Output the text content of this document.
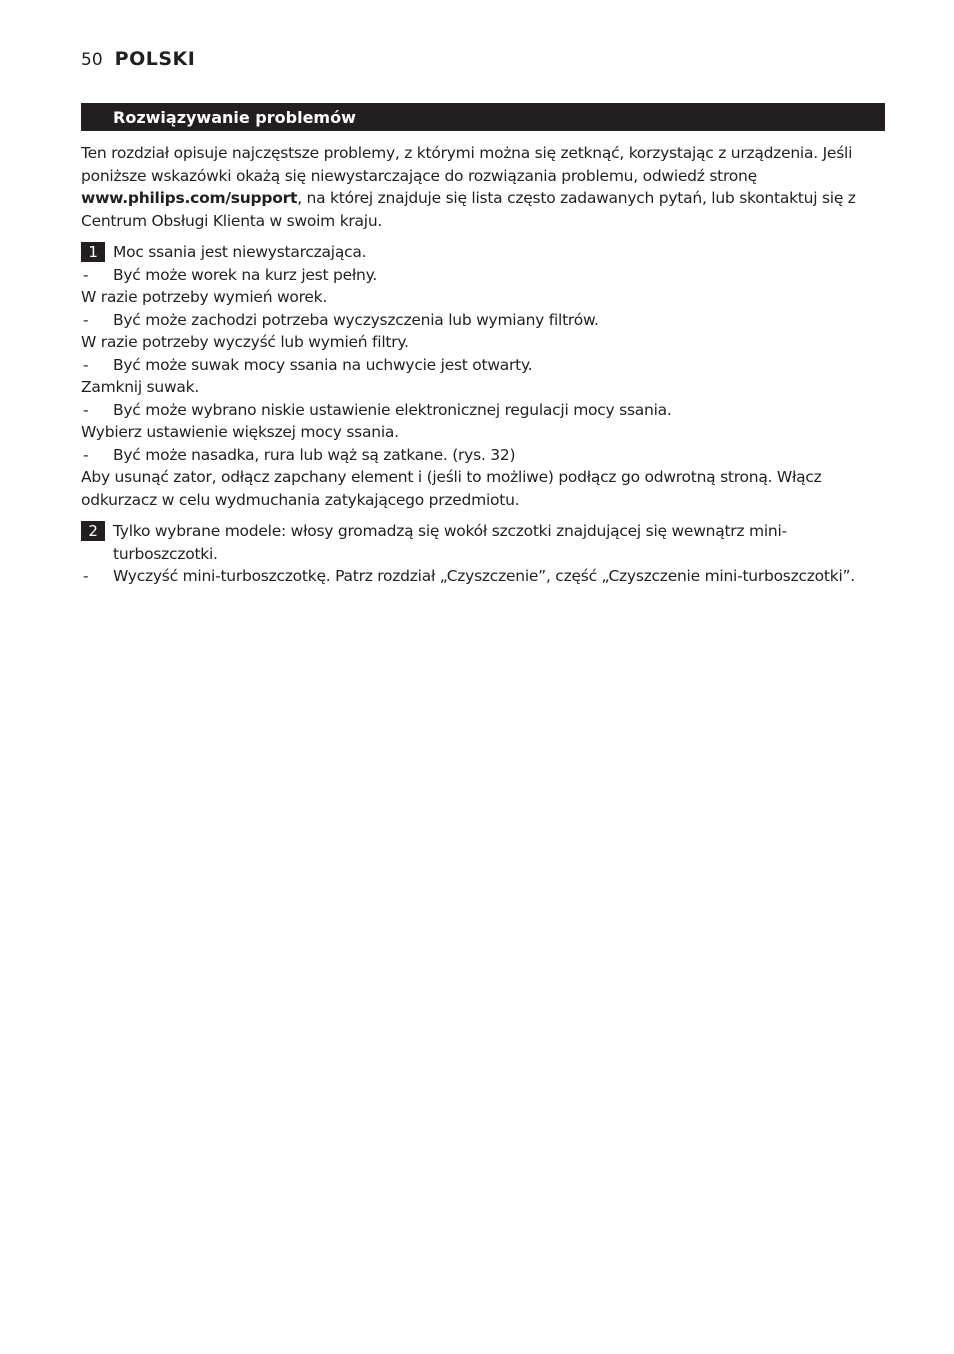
50 POLSKI
Rozwiązywanie problemów

Ten rozdział opisuje najczęstsze problemy, z którymi można się zetknąć, korzystając z urządzenia. Jeśli poniższe wskazówki okażą się niewystarczające do rozwiązania problemu, odwiedź stronę www.philips.com/support, na której znajduje się lista często zadawanych pytań, lub skontaktuj się z Centrum Obsługi Klienta w swoim kraju.

1 Moc ssania jest niewystarczająca.
-	Być może worek na kurz jest pełny.

W razie potrzeby wymień worek.

-	Być może zachodzi potrzeba wyczyszczenia lub wymiany filtrów.

W razie potrzeby wyczyść lub wymień filtry.

-	Być może suwak mocy ssania na uchwycie jest otwarty.

Zamknij suwak.

-	Być może wybrano niskie ustawienie elektronicznej regulacji mocy ssania.

Wybierz ustawienie większej mocy ssania.

-	Być może nasadka, rura lub wąż są zatkane. (rys. 32)

Aby usunąć zator, odłącz zapchany element i (jeśli to możliwe) podłącz go odwrotną stroną. Włącz odkurzacz w celu wydmuchania zatykającego przedmiotu.

2 Tylko wybrane modele: włosy gromadzą się wokół szczotki znajdującej się wewnątrz mini-turboszczotki.
-	Wyczyść mini-turboszczotkę. Patrz rozdział „Czyszczenie”, część „Czyszczenie mini-turboszczotki”.
